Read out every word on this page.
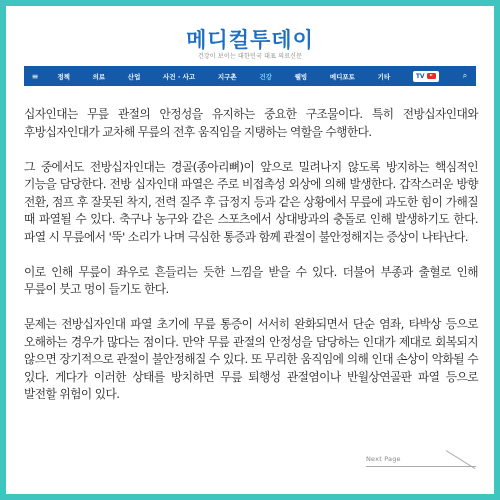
메디컬투데이
건강이 보이는 대한민국 대표 의료신문
≡	정책	의료	산업	사건 · 사고	지구촌	건강	웰빙	메디포토	기타	TV	⌕

십자인대는 무릎 관절의 안정성을 유지하는 중요한 구조물이다. 특히 전방십자인대와 후방십자인대가 교차해 무릎의 전후 움직임을 지탱하는 역할을 수행한다.

그 중에서도 전방십자인대는 경골(종아리뼈)이 앞으로 밀려나지 않도록 방지하는 핵심적인 기능을 담당한다. 전방 십자인대 파열은 주로 비접촉성 외상에 의해 발생한다. 갑작스러운 방향 전환, 점프 후 잘못된 착지, 전력 질주 후 급정지 등과 같은 상황에서 무릎에 과도한 힘이 가해질 때 파열될 수 있다. 축구나 농구와 같은 스포츠에서 상대방과의 충돌로 인해 발생하기도 한다. 파열 시 무릎에서 '뚝' 소리가 나며 극심한 통증과 함께 관절이 불안정해지는 증상이 나타난다.

이로 인해 무릎이 좌우로 흔들리는 듯한 느낌을 받을 수 있다. 더불어 부종과 출혈로 인해 무릎이 붓고 멍이 들기도 한다.

문제는 전방십자인대 파열 초기에 무릎 통증이 서서히 완화되면서 단순 염좌, 타박상 등으로 오해하는 경우가 많다는 점이다. 만약 무릎 관절의 안정성을 담당하는 인대가 제대로 회복되지 않으면 장기적으로 관절이 불안정해질 수 있다. 또 무리한 움직임에 의해 인대 손상이 악화될 수 있다. 게다가 이러한 상태를 방치하면 무릎 퇴행성 관절염이나 반월상연골판 파열 등으로 발전할 위험이 있다.

Next Page
